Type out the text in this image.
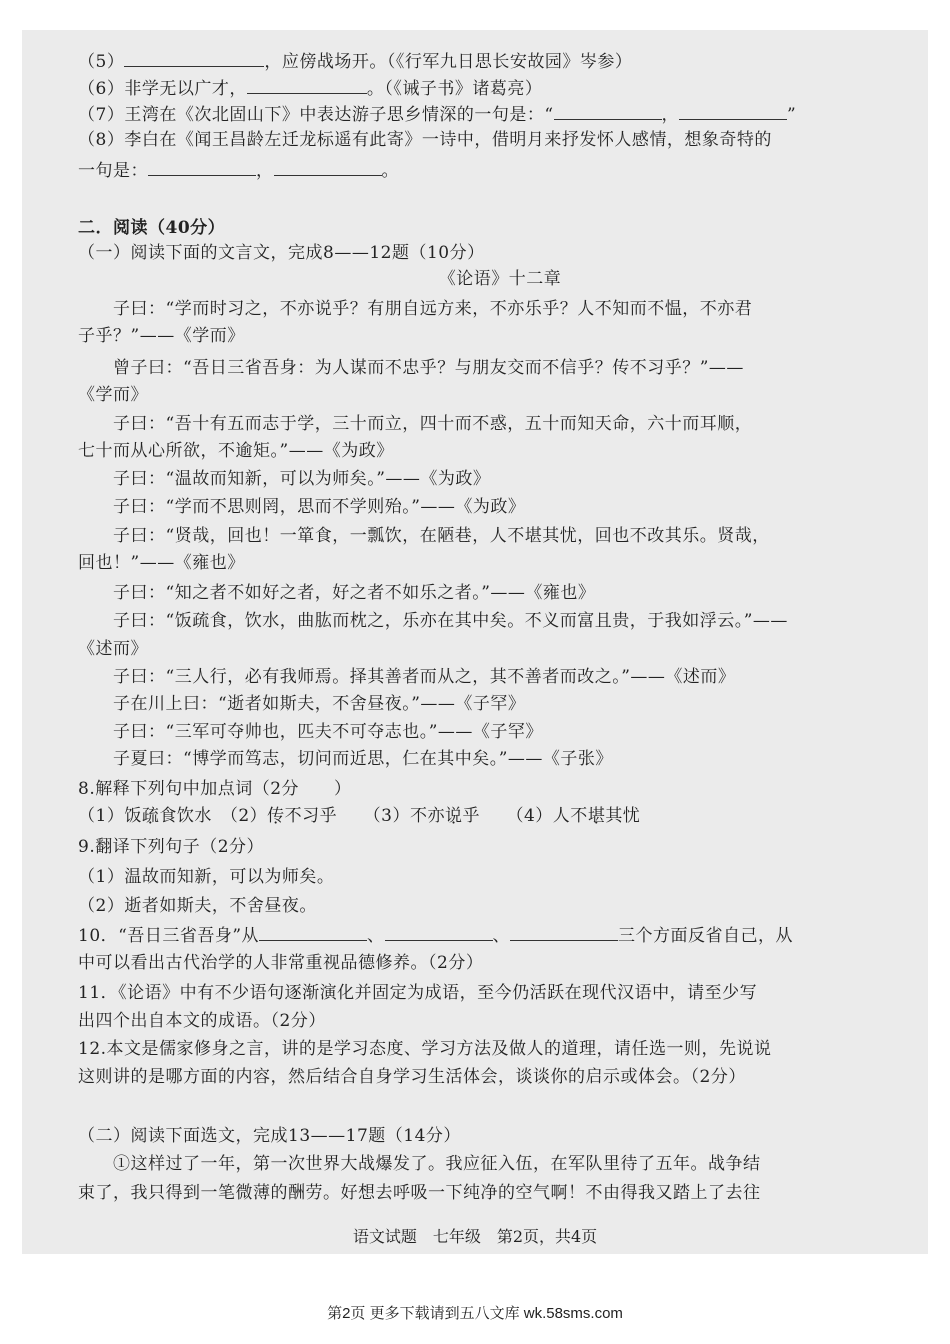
（5）	，应傍战场开。（《行军九日思长安故园》岑参）
（6）非学无以广才，	。（《诫子书》诸葛亮）
（7）王湾在《次北固山下》中表达游子思乡情深的一句是：“	，	”
（8）李白在《闻王昌龄左迁龙标遥有此寄》一诗中，借明月来抒发怀人感情，想象奇特的
一句是：	，	。
二．阅读（40分）
（一）阅读下面的文言文，完成8——12题（10分）
《论语》十二章
　　子曰：“学而时习之，不亦说乎？有朋自远方来，不亦乐乎？人不知而不愠，不亦君
子乎？”——《学而》
　　曾子曰：“吾日三省吾身：为人谋而不忠乎？与朋友交而不信乎？传不习乎？”——
《学而》
　　子曰：“吾十有五而志于学，三十而立，四十而不惑，五十而知天命，六十而耳顺，
七十而从心所欲，不逾矩。”——《为政》
　　子曰：“温故而知新，可以为师矣。”——《为政》
　　子曰：“学而不思则罔，思而不学则殆。”——《为政》
　　子曰：“贤哉，回也！一箪食，一瓢饮，在陋巷，人不堪其忧，回也不改其乐。贤哉，
回也！”——《雍也》
　　子曰：“知之者不如好之者，好之者不如乐之者。”——《雍也》
　　子曰：“饭疏食，饮水，曲肱而枕之，乐亦在其中矣。不义而富且贵，于我如浮云。”——
《述而》
　　子曰：“三人行，必有我师焉。择其善者而从之，其不善者而改之。”——《述而》
　　子在川上曰：“逝者如斯夫，不舍昼夜。”——《子罕》
　　子曰：“三军可夺帅也，匹夫不可夺志也。”——《子罕》
　　子夏曰：“博学而笃志，切问而近思，仁在其中矣。”——《子张》
8.解释下列句中加点词（2分　　）
（1）饭疏食饮水　 （2）传不习乎　　 （3）不亦说乎　　 （4）人不堪其忧
9.翻译下列句子（2分）
（1）温故而知新，可以为师矣。
（2）逝者如斯夫，不舍昼夜。
10．“吾日三省吾身”从	、	、	三个方面反省自己，从
中可以看出古代治学的人非常重视品德修养。（2分）
11．《论语》中有不少语句逐渐演化并固定为成语，至今仍活跃在现代汉语中，请至少写
出四个出自本文的成语。（2分）
12.本文是儒家修身之言，讲的是学习态度、学习方法及做人的道理，请任选一则，先说说
这则讲的是哪方面的内容，然后结合自身学习生活体会，谈谈你的启示或体会。（2分）
（二）阅读下面选文，完成13——17题（14分）
　　①这样过了一年，第一次世界大战爆发了。我应征入伍，在军队里待了五年。战争结
束了，我只得到一笔微薄的酬劳。好想去呼吸一下纯净的空气啊！不由得我又踏上了去往
语文试题　七年级　第2页，共4页
第2页 更多下载请到五八文库 wk.58sms.com
